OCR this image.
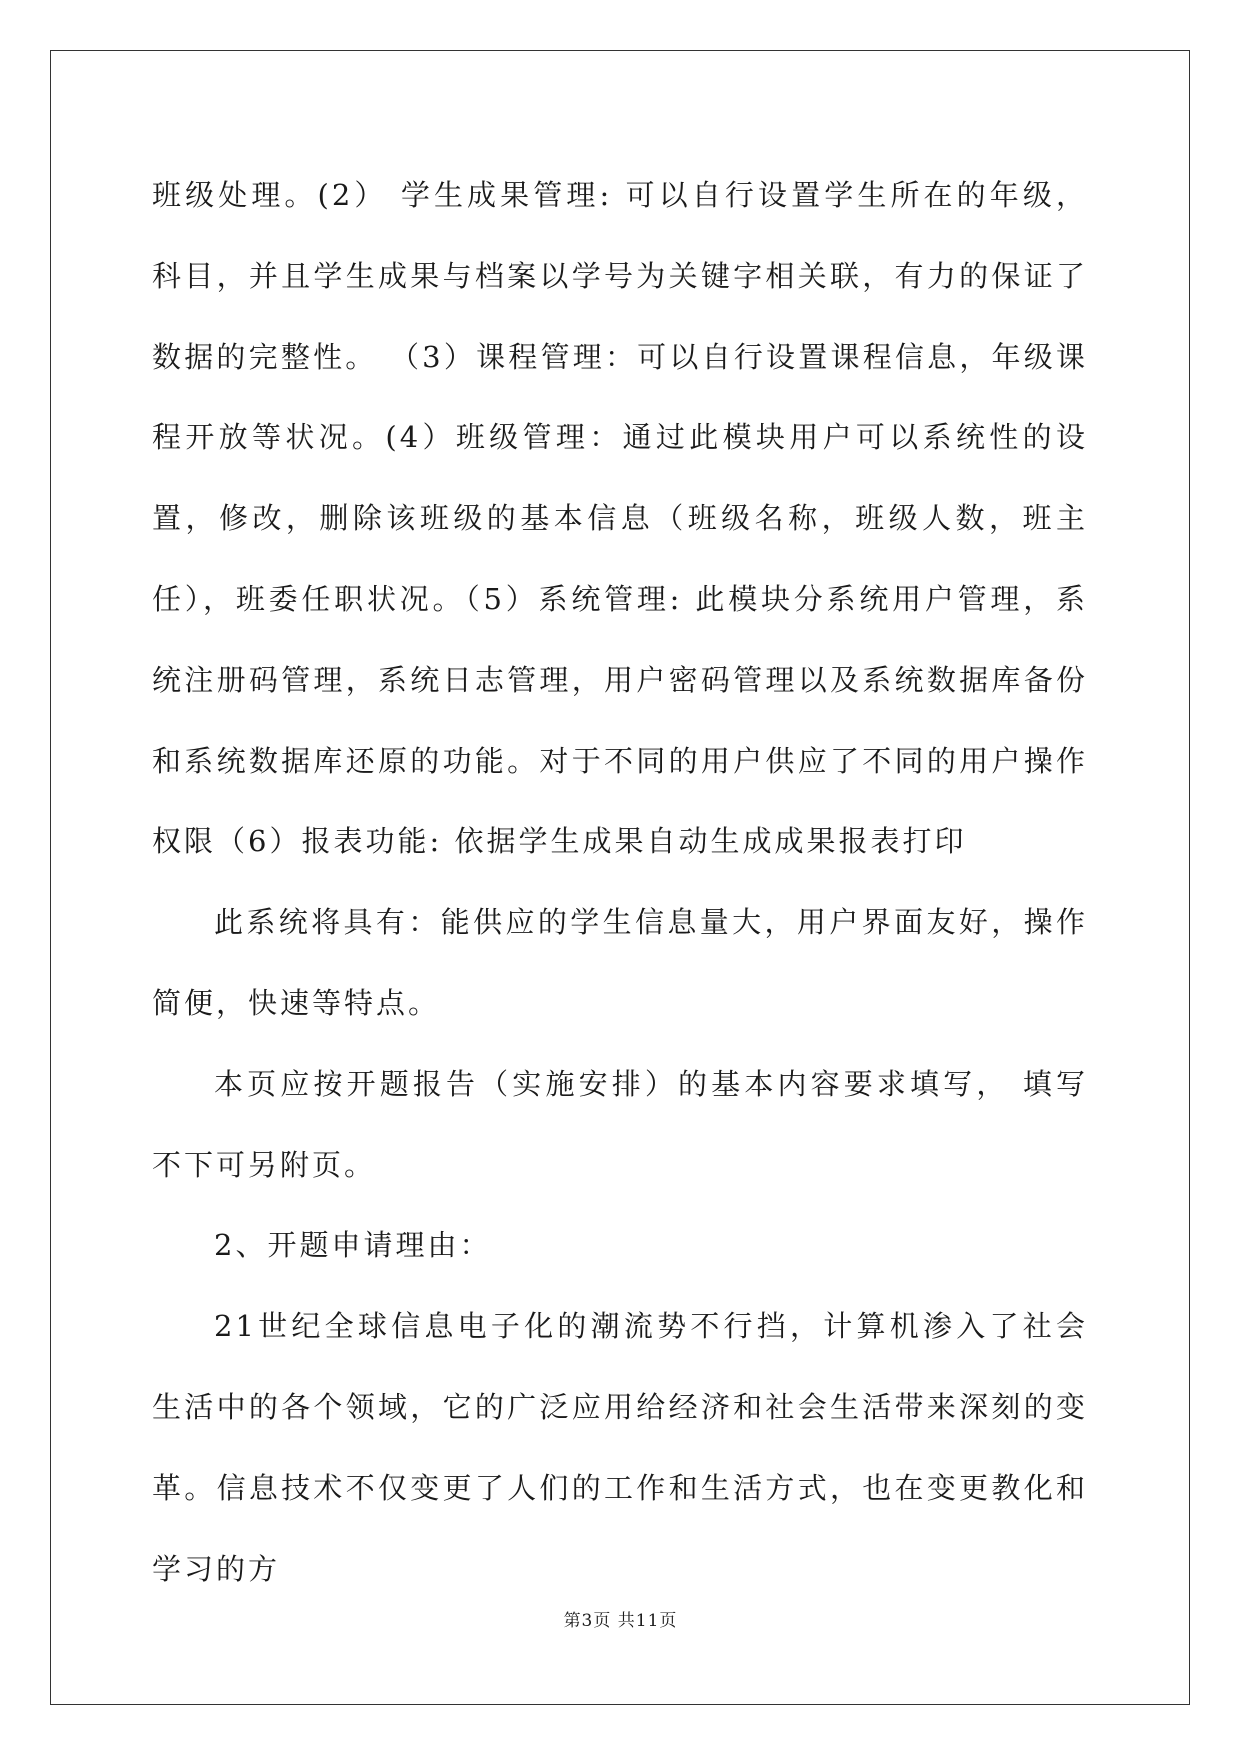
班级处理。(2） 学生成果管理: 可以自行设置学生所在的年级，科目，并且学生成果与档案以学号为关键字相关联，有力的保证了数据的完整性。 （3）课程管理：可以自行设置课程信息，年级课程开放等状况。(4）班级管理：通过此模块用户可以系统性的设置，修改，删除该班级的基本信息（班级名称，班级人数，班主任），班委任职状况。（5）系统管理: 此模块分系统用户管理，系统注册码管理，系统日志管理，用户密码管理以及系统数据库备份和系统数据库还原的功能。对于不同的用户供应了不同的用户操作权限（6）报表功能: 依据学生成果自动生成成果报表打印

此系统将具有：能供应的学生信息量大，用户界面友好，操作简便，快速等特点。

本页应按开题报告（实施安排）的基本内容要求填写， 填写不下可另附页。

2、开题申请理由：

21世纪全球信息电子化的潮流势不行挡，计算机渗入了社会生活中的各个领域，它的广泛应用给经济和社会生活带来深刻的变革。信息技术不仅变更了人们的工作和生活方式，也在变更教化和学习的方

第3页 共11页
